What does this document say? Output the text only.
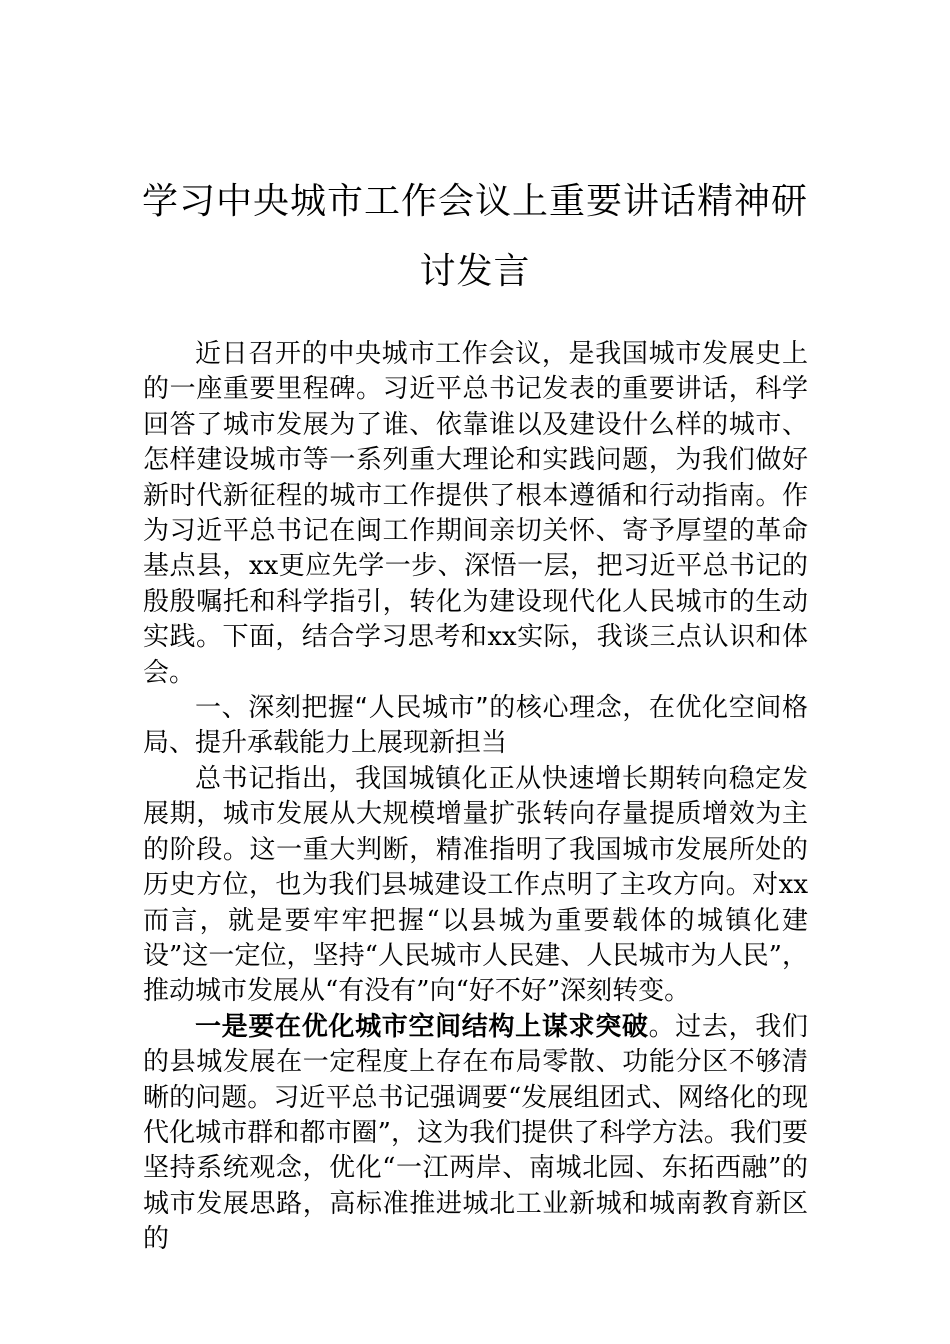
学习中央城市工作会议上重要讲话精神研
讨发言

近日召开的中央城市工作会议，是我国城市发展史上的一座重要里程碑。习近平总书记发表的重要讲话，科学回答了城市发展为了谁、依靠谁以及建设什么样的城市、怎样建设城市等一系列重大理论和实践问题，为我们做好新时代新征程的城市工作提供了根本遵循和行动指南。作为习近平总书记在闽工作期间亲切关怀、寄予厚望的革命基点县，xx更应先学一步、深悟一层，把习近平总书记的殷殷嘱托和科学指引，转化为建设现代化人民城市的生动实践。下面，结合学习思考和xx实际，我谈三点认识和体会。

一、深刻把握“人民城市”的核心理念，在优化空间格局、提升承载能力上展现新担当

总书记指出，我国城镇化正从快速增长期转向稳定发展期，城市发展从大规模增量扩张转向存量提质增效为主的阶段。这一重大判断，精准指明了我国城市发展所处的历史方位，也为我们县城建设工作点明了主攻方向。对xx而言，就是要牢牢把握“以县城为重要载体的城镇化建设”这一定位，坚持“人民城市人民建、人民城市为人民”，推动城市发展从“有没有”向“好不好”深刻转变。

一是要在优化城市空间结构上谋求突破。过去，我们的县城发展在一定程度上存在布局零散、功能分区不够清晰的问题。习近平总书记强调要“发展组团式、网络化的现代化城市群和都市圈”，这为我们提供了科学方法。我们要坚持系统观念，优化“一江两岸、南城北园、东拓西融”的城市发展思路，高标准推进城北工业新城和城南教育新区的
